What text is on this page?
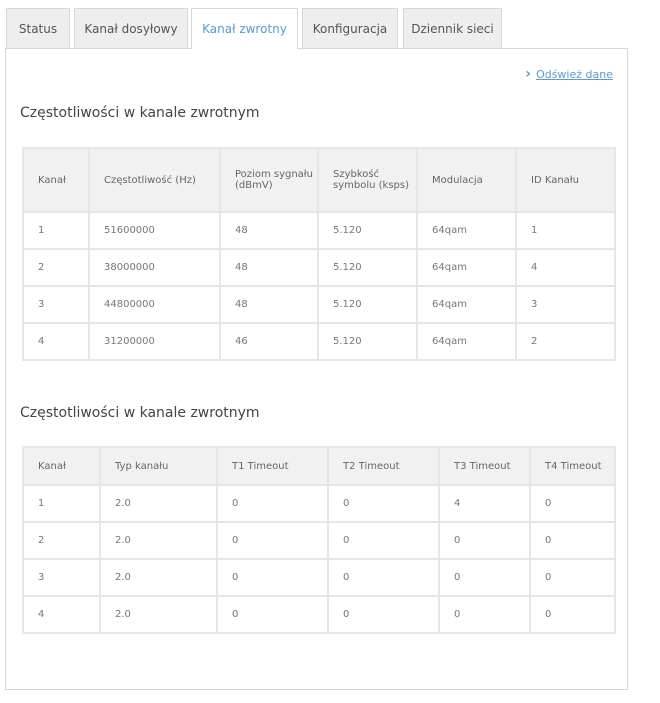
Status	Kanał dosyłowy	Kanał zwrotny	Konfiguracja	Dziennik sieci
› Odśwież dane
Częstotliwości w kanale zwrotnym
Kanał	Częstotliwość (Hz)	Poziom sygnału (dBmV)	Szybkość symbolu (ksps)	Modulacja	ID Kanału
1	51600000	48	5.120	64qam	1
2	38000000	48	5.120	64qam	4
3	44800000	48	5.120	64qam	3
4	31200000	46	5.120	64qam	2
Częstotliwości w kanale zwrotnym
Kanał	Typ kanału	T1 Timeout	T2 Timeout	T3 Timeout	T4 Timeout
1	2.0	0	0	4	0
2	2.0	0	0	0	0
3	2.0	0	0	0	0
4	2.0	0	0	0	0
